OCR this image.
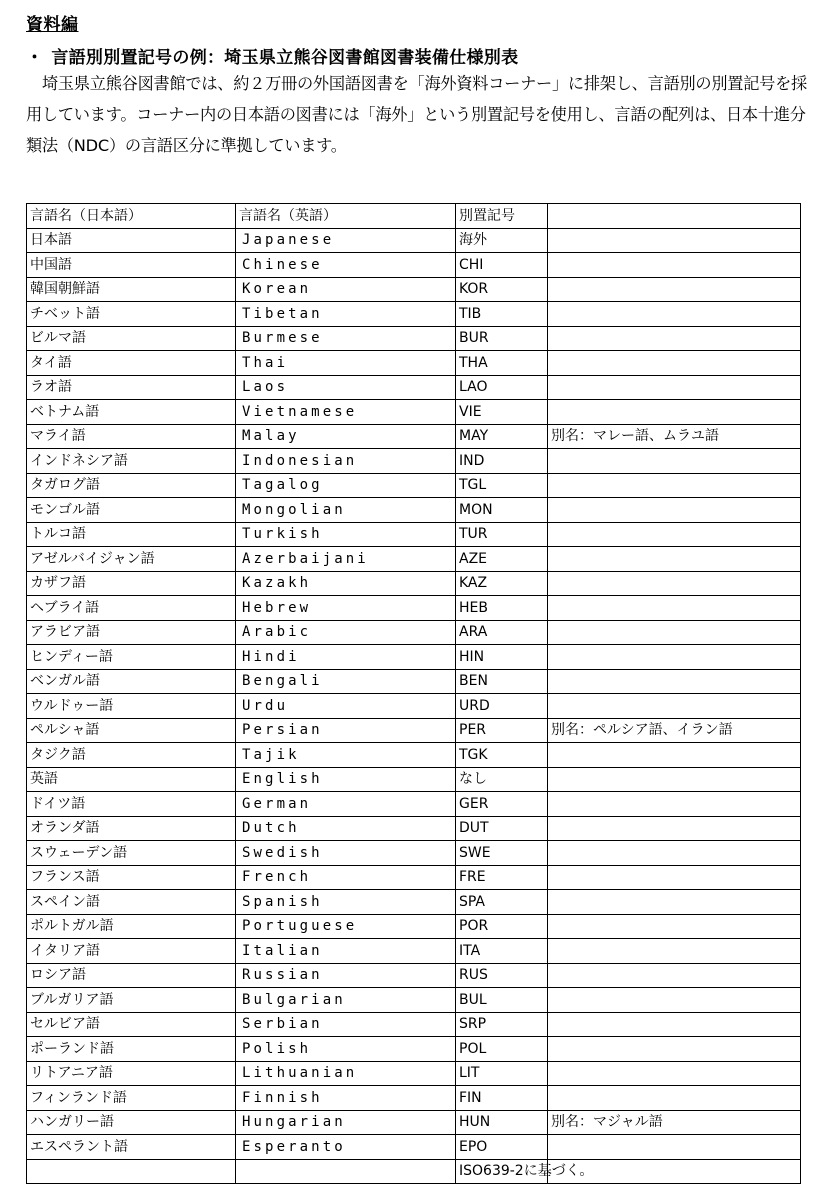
資料編
・ 言語別別置記号の例：埼玉県立熊谷図書館図書装備仕様別表

埼玉県立熊谷図書館では、約２万冊の外国語図書を「海外資料コーナー」に排架し、言語別の別置記号を採用しています。コーナー内の日本語の図書には「海外」という別置記号を使用し、言語の配列は、日本十進分類法（NDC）の言語区分に準拠しています。

言語名（日本語）	言語名（英語）	別置記号	
日本語	Japanese	海外	
中国語	Chinese	CHI	
韓国朝鮮語	Korean	KOR	
チベット語	Tibetan	TIB	
ビルマ語	Burmese	BUR	
タイ語	Thai	THA	
ラオ語	Laos	LAO	
ベトナム語	Vietnamese	VIE	
マライ語	Malay	MAY	別名：マレー語、ムラユ語
インドネシア語	Indonesian	IND	
タガログ語	Tagalog	TGL	
モンゴル語	Mongolian	MON	
トルコ語	Turkish	TUR	
アゼルバイジャン語	Azerbaijani	AZE	
カザフ語	Kazakh	KAZ	
ヘブライ語	Hebrew	HEB	
アラビア語	Arabic	ARA	
ヒンディー語	Hindi	HIN	
ベンガル語	Bengali	BEN	
ウルドゥー語	Urdu	URD	
ペルシャ語	Persian	PER	別名：ペルシア語、イラン語
タジク語	Tajik	TGK	
英語	English	なし	
ドイツ語	German	GER	
オランダ語	Dutch	DUT	
スウェーデン語	Swedish	SWE	
フランス語	French	FRE	
スペイン語	Spanish	SPA	
ポルトガル語	Portuguese	POR	
イタリア語	Italian	ITA	
ロシア語	Russian	RUS	
ブルガリア語	Bulgarian	BUL	
セルビア語	Serbian	SRP	
ポーランド語	Polish	POL	
リトアニア語	Lithuanian	LIT	
フィンランド語	Finnish	FIN	
ハンガリー語	Hungarian	HUN	別名：マジャル語
エスペラント語	Esperanto	EPO	
		ISO639-2に基づく。	
